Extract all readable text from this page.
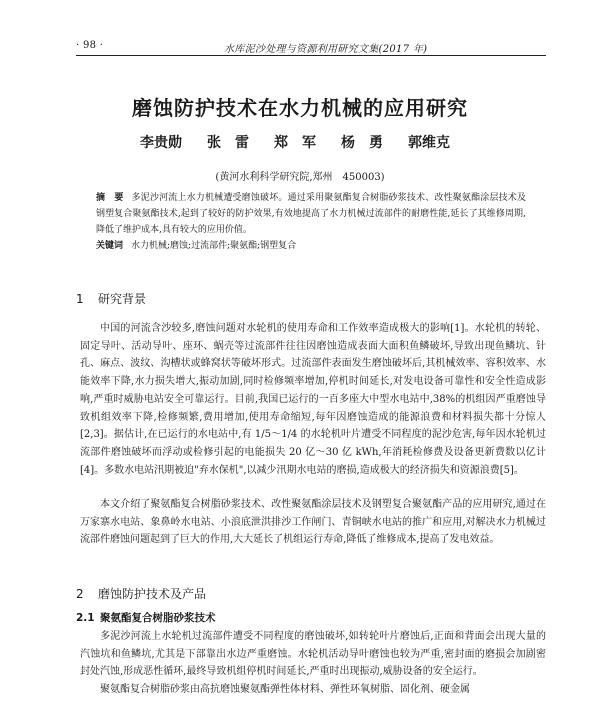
· 98 ·	水库泥沙处理与资源利用研究文集(2017 年)
磨蚀防护技术在水力机械的应用研究
李贵勋 张　雷 郑　军 杨　勇 郭维克
(黄河水利科学研究院,郑州　450003)
摘　要 多泥沙河流上水力机械遭受磨蚀破坏。通过采用聚氨酯复合树脂砂浆技术、改性聚氨酯涂层技术及钢塑复合聚氨酯技术,起到了较好的防护效果,有效地提高了水力机械过流部件的耐磨性能,延长了其维修周期,降低了维护成本,具有较大的应用价值。
关键词 水力机械;磨蚀;过流部件;聚氨酯;钢塑复合
1 研究背景

中国的河流含沙较多,磨蚀问题对水轮机的使用寿命和工作效率造成极大的影响[1]。水轮机的转轮、固定导叶、活动导叶、座环、蜗壳等过流部件往往因磨蚀造成表面大面积鱼鳞破坏,导致出现鱼鳞坑、针孔、麻点、波纹、沟槽状或蜂窝状等破坏形式。过流部件表面发生磨蚀破坏后,其机械效率、容积效率、水能效率下降,水力损失增大,振动加剧,同时检修频率增加,停机时间延长,对发电设备可靠性和安全性造成影响,严重时威胁电站安全可靠运行。目前,我国已运行的一百多座大中型水电站中,38%的机组因严重磨蚀导致机组效率下降,检修频繁,费用增加,使用寿命缩短,每年因磨蚀造成的能源浪费和材料损失都十分惊人[2,3]。据估计,在已运行的水电站中,有 1/5～1/4 的水轮机叶片遭受不同程度的泥沙危害,每年因水轮机过流部件磨蚀破坏而浮动或检修引起的电能损失 20 亿～30 亿 kWh,年消耗检修费及设备更新费数以亿计[4]。多数水电站汛期被迫"弃水保机",以减少汛期水电站的磨损,造成极大的经济损失和资源浪费[5]。

本文介绍了聚氨酯复合树脂砂浆技术、改性聚氨酯涂层技术及钢塑复合聚氨酯产品的应用研究,通过在万家寨水电站、象鼻岭水电站、小浪底泄洪排沙工作闸门、青铜峡水电站的推广和应用,对解决水力机械过流部件磨蚀问题起到了巨大的作用,大大延长了机组运行寿命,降低了维修成本,提高了发电效益。

2 磨蚀防护技术及产品
2.1 聚氨酯复合树脂砂浆技术

多泥沙河流上水轮机过流部件遭受不同程度的磨蚀破坏,如转轮叶片磨蚀后,正面和背面会出现大量的汽蚀坑和鱼鳞坑,尤其是下部靠出水边严重磨蚀。水轮机活动导叶磨蚀也较为严重,密封面的磨损会加剧密封处汽蚀,形成恶性循环,最终导致机组停机时间延长,严重时出现振动,威胁设备的安全运行。

聚氨酯复合树脂砂浆由高抗磨蚀聚氨酯弹性体材料、弹性环氧树脂、固化剂、硬金属
